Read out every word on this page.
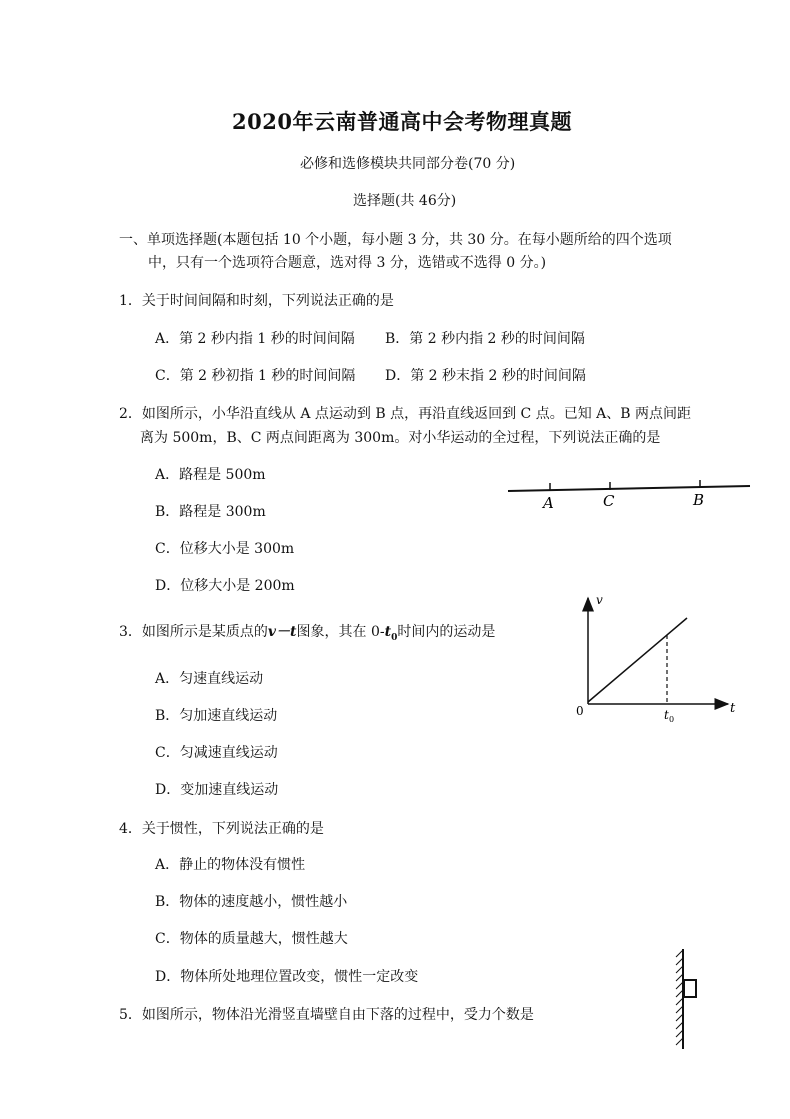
2020年云南普通高中会考物理真题
必修和选修模块共同部分卷(70 分)
选择题(共 46分)
一、单项选择题(本题包括 10 个小题，每小题 3 分，共 30 分。在每小题所给的四个选项
中，只有一个选项符合题意，选对得 3 分，选错或不选得 0 分。)
1．关于时间间隔和时刻，下列说法正确的是
A．第 2 秒内指 1 秒的时间间隔 B．第 2 秒内指 2 秒的时间间隔
C．第 2 秒初指 1 秒的时间间隔 D．第 2 秒末指 2 秒的时间间隔
2．如图所示，小华沿直线从 A 点运动到 B 点，再沿直线返回到 C 点。已知 A、B 两点间距
离为 500m，B、C 两点间距离为 300m。对小华运动的全过程，下列说法正确的是
A．路程是 500m
B．路程是 300m
C．位移大小是 300m
D．位移大小是 200m
A	C	B
3．如图所示是某质点的v－t图象，其在 $0-t_0$时间内的运动是
A．匀速直线运动
B．匀加速直线运动
C．匀减速直线运动
D．变加速直线运动
v
t
0	t 0
4．关于惯性，下列说法正确的是
A．静止的物体没有惯性
B．物体的速度越小，惯性越小
C．物体的质量越大，惯性越大
D．物体所处地理位置改变，惯性一定改变
5．如图所示，物体沿光滑竖直墙壁自由下落的过程中，受力个数是
